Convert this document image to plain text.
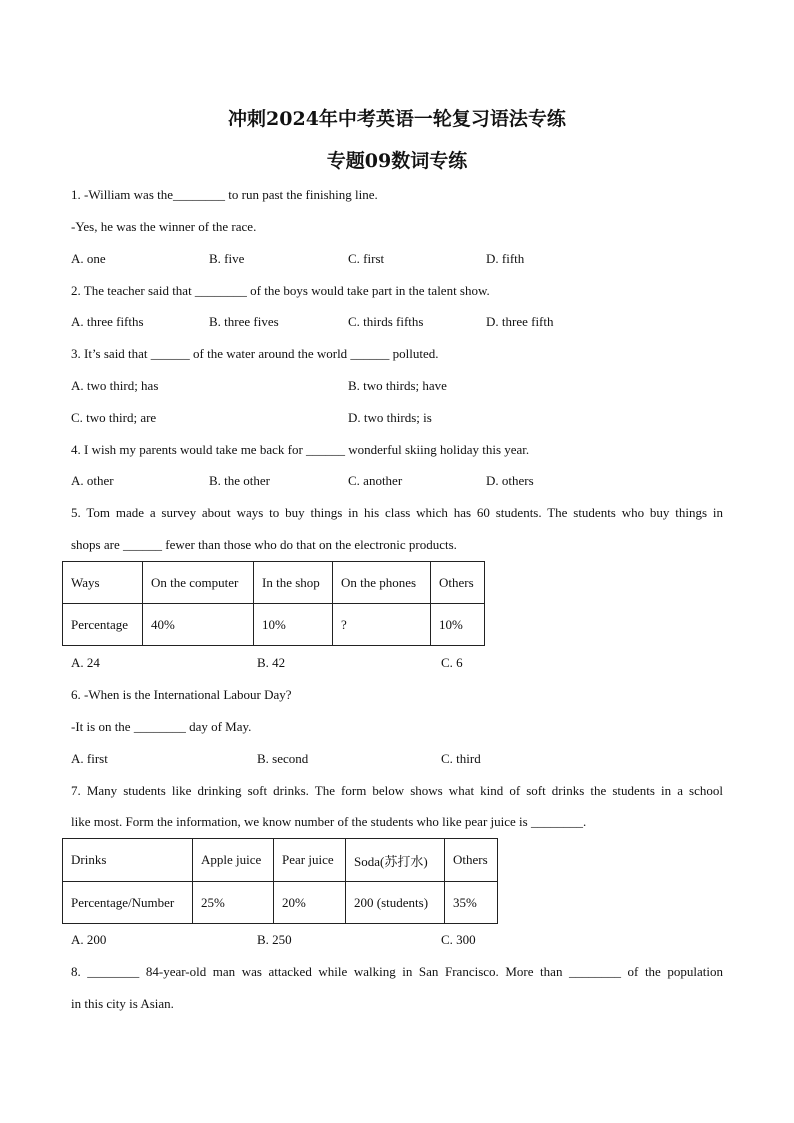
冲刺2024年中考英语一轮复习语法专练
专题09数词专练
1. -William was the________ to run past the finishing line.
-Yes, he was the winner of the race.
A. one	B. five	C. first	D. fifth
2. The teacher said that ________ of the boys would take part in the talent show.
A. three fifths	B. three fives	C. thirds fifths	D. three fifth
3. It’s said that ______ of the water around the world ______ polluted.
A. two third; has	B. two thirds; have
C. two third; are	D. two thirds; is
4. I wish my parents would take me back for ______ wonderful skiing holiday this year.
A. other	B. the other	C. another	D. others
5. Tom made a survey about ways to buy things in his class which has 60 students. The students who buy things in
shops are ______ fewer than those who do that on the electronic products.
Ways	On the computer	In the shop	On the phones	Others
Percentage	40%	10%	?	10%
A. 24	B. 42	C. 6
6. -When is the International Labour Day?
-It is on the ________ day of May.
A. first	B. second	C. third
7. Many students like drinking soft drinks. The form below shows what kind of soft drinks the students in a school
like most. Form the information, we know number of the students who like pear juice is ________.
Drinks	Apple juice	Pear juice	Soda(苏打水)	Others
Percentage/Number	25%	20%	200 (students)	35%
A. 200	B. 250	C. 300
8. ________ 84-year-old man was attacked while walking in San Francisco. More than ________ of the population
in this city is Asian.
